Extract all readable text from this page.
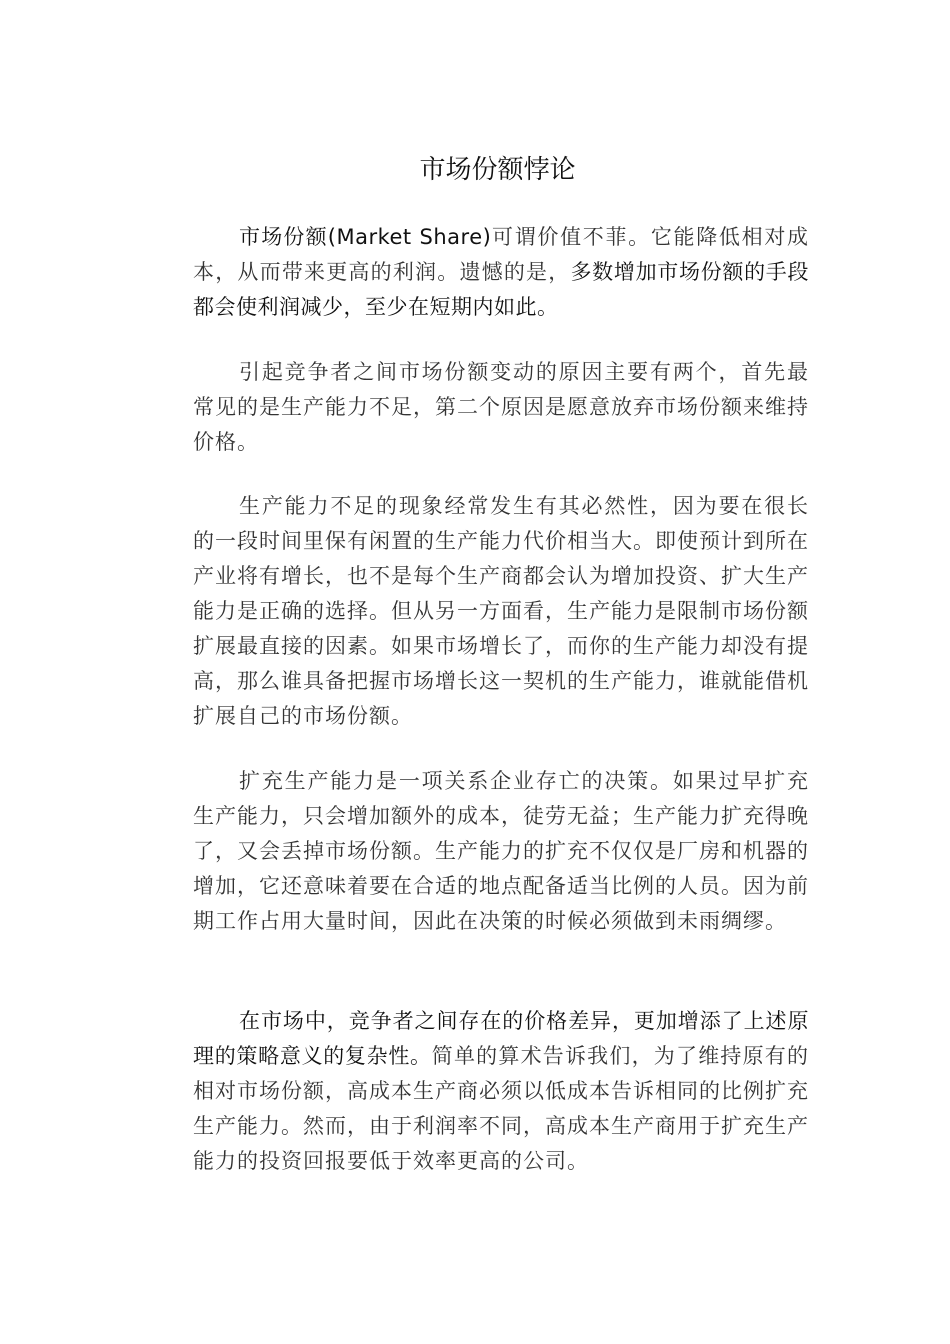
市场份额悖论

市场份额(Market Share)可谓价值不菲。它能降低相对成本，从而带来更高的利润。遗憾的是，多数增加市场份额的手段都会使利润减少，至少在短期内如此。

引起竞争者之间市场份额变动的原因主要有两个，首先最常见的是生产能力不足，第二个原因是愿意放弃市场份额来维持价格。

生产能力不足的现象经常发生有其必然性，因为要在很长的一段时间里保有闲置的生产能力代价相当大。即使预计到所在产业将有增长，也不是每个生产商都会认为增加投资、扩大生产能力是正确的选择。但从另一方面看，生产能力是限制市场份额扩展最直接的因素。如果市场增长了，而你的生产能力却没有提高，那么谁具备把握市场增长这一契机的生产能力，谁就能借机扩展自己的市场份额。

扩充生产能力是一项关系企业存亡的决策。如果过早扩充生产能力，只会增加额外的成本，徒劳无益；生产能力扩充得晚了，又会丢掉市场份额。生产能力的扩充不仅仅是厂房和机器的增加，它还意味着要在合适的地点配备适当比例的人员。因为前期工作占用大量时间，因此在决策的时候必须做到未雨绸缪。

在市场中，竞争者之间存在的价格差异，更加增添了上述原理的策略意义的复杂性。简单的算术告诉我们，为了维持原有的相对市场份额，高成本生产商必须以低成本告诉相同的比例扩充生产能力。然而，由于利润率不同，高成本生产商用于扩充生产能力的投资回报要低于效率更高的公司。
